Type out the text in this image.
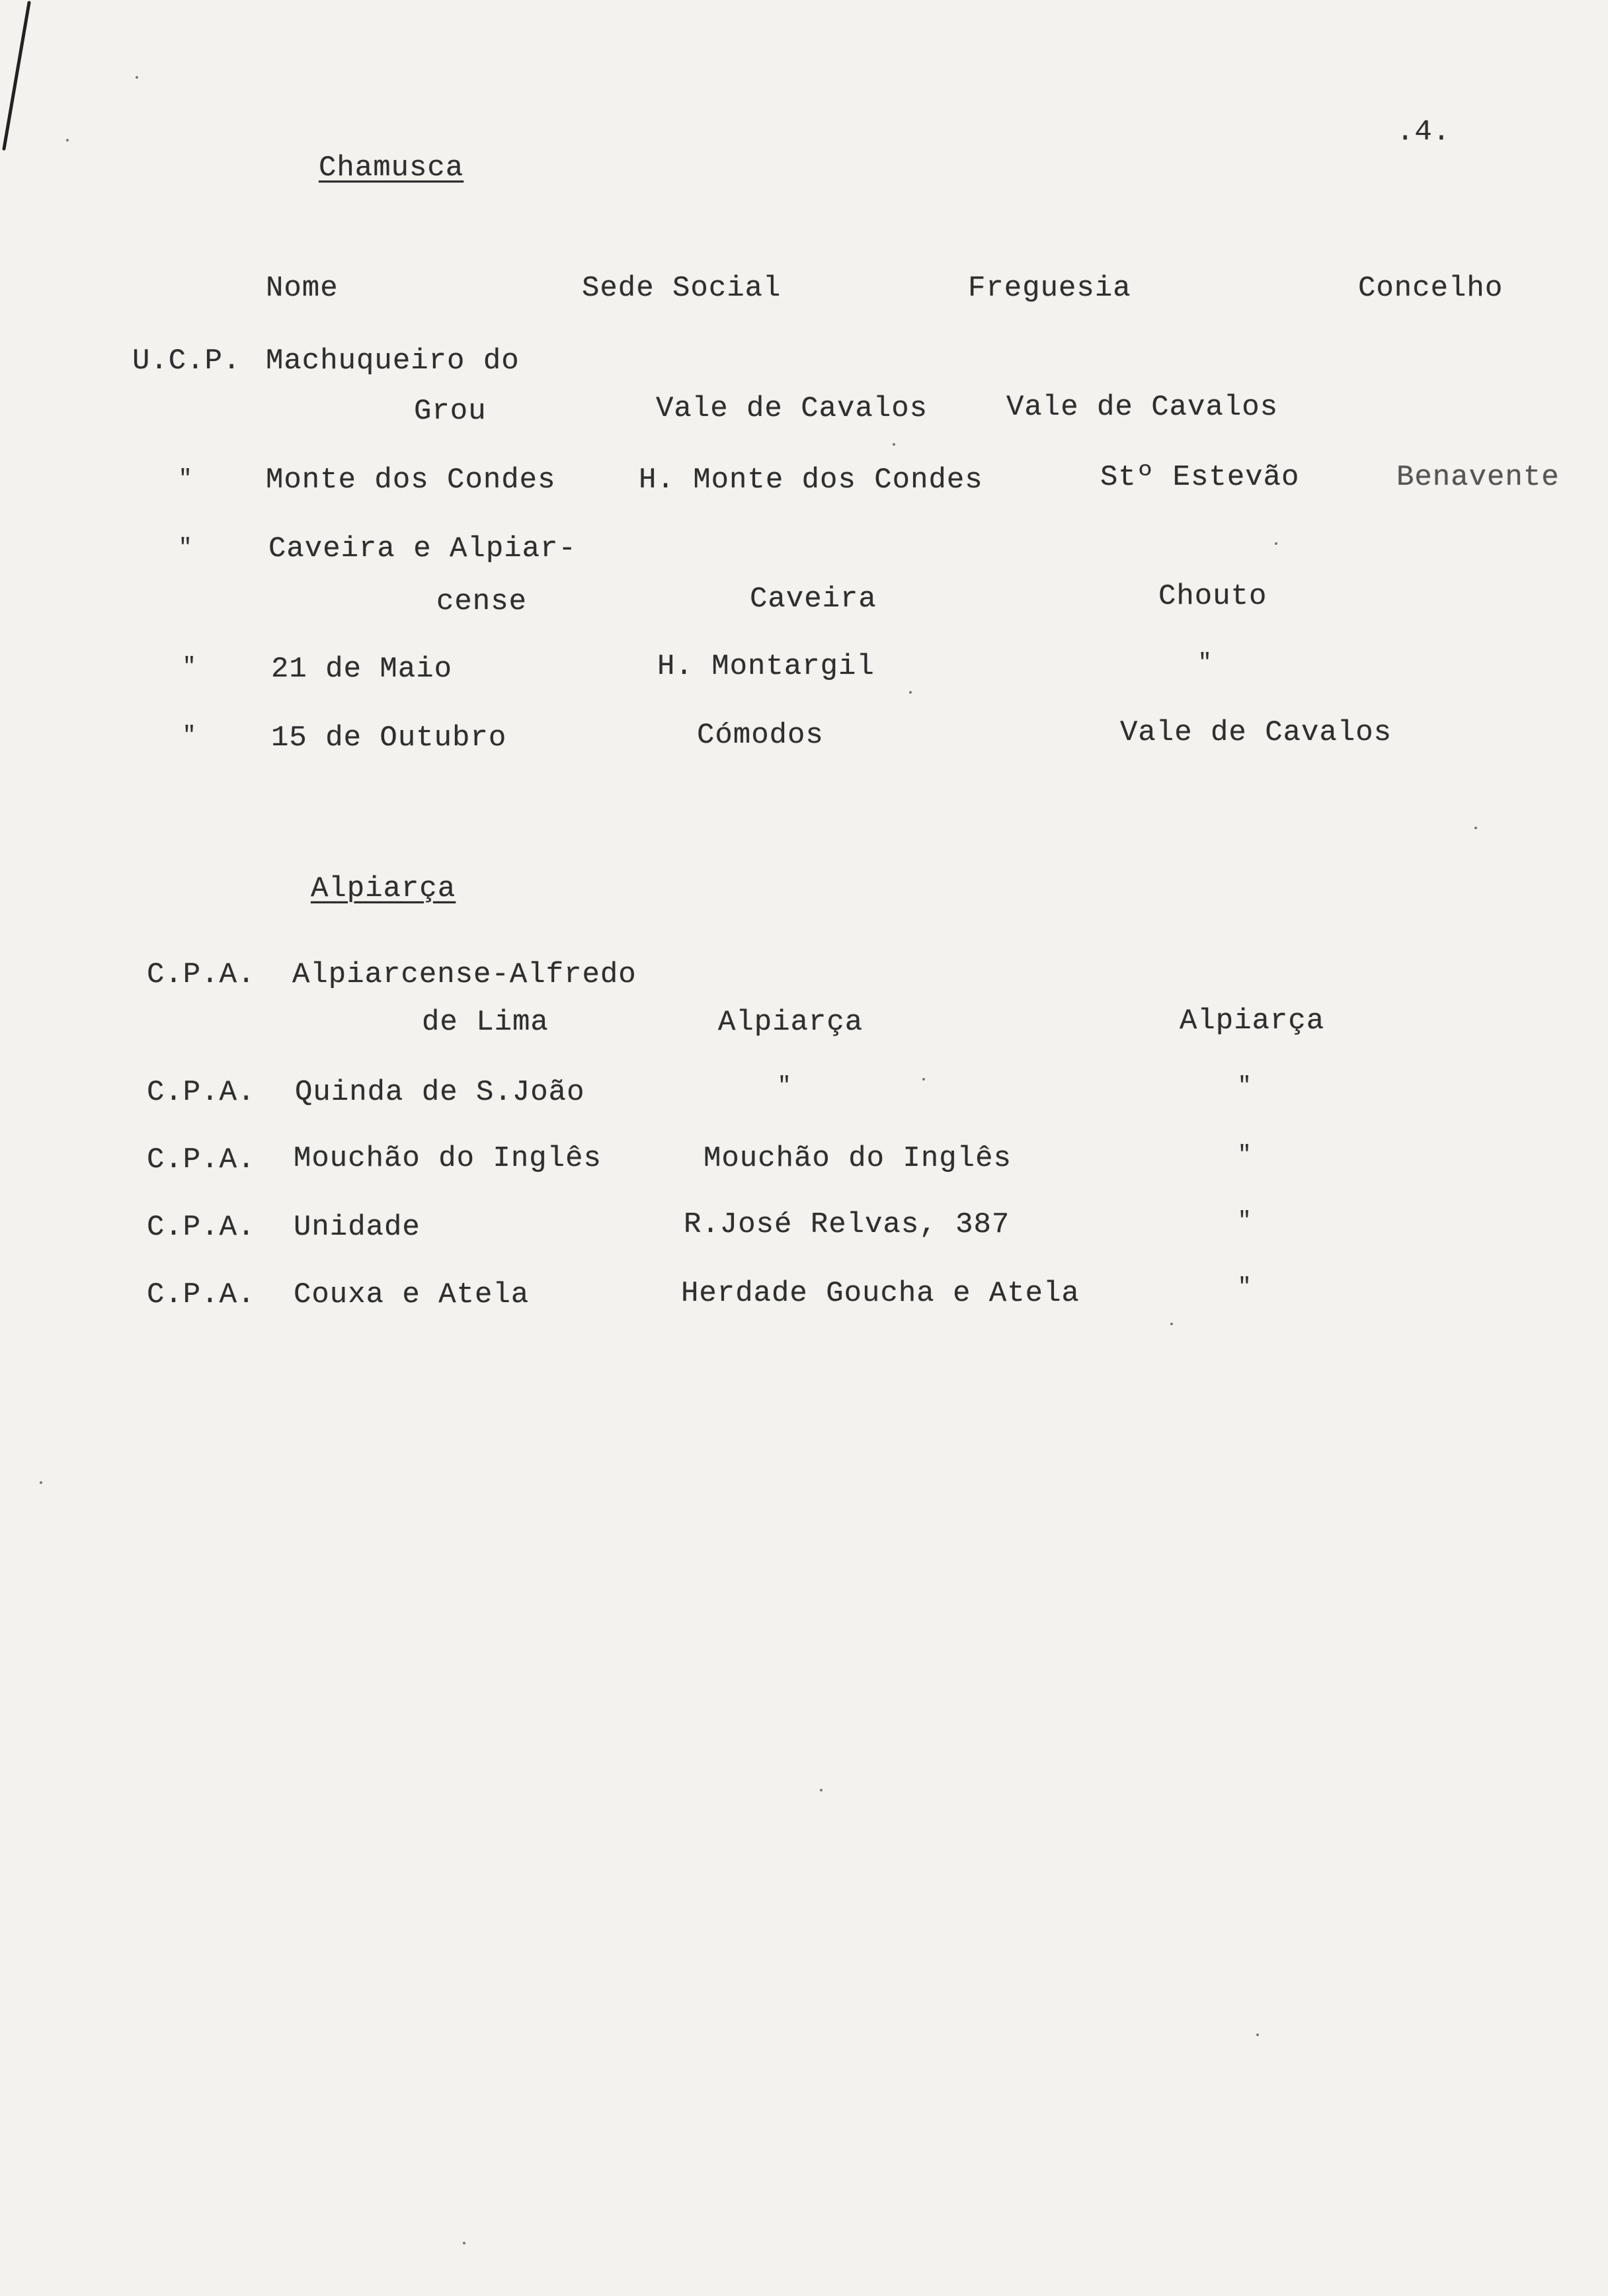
.4.
Chamusca
Nome	Sede Social	Freguesia	Concelho
U.C.P. Machuqueiro do
Grou	Vale de Cavalos	Vale de Cavalos
"	Monte dos Condes	H. Monte dos Condes	Stº Estevão	Benavente
"	Caveira e Alpiar-
cense	Caveira	Chouto
"	21 de Maio	H. Montargil	"
"	15 de Outubro	Cómodos	Vale de Cavalos
Alpiarça
C.P.A. Alpiarcense-Alfredo
de Lima	Alpiarça	Alpiarça
C.P.A. Quinda de S.João	"	"
C.P.A. Mouchão do Inglês	Mouchão do Inglês	"
C.P.A. Unidade	R.José Relvas, 387	"
C.P.A. Couxa e Atela	Herdade Goucha e Atela	"
